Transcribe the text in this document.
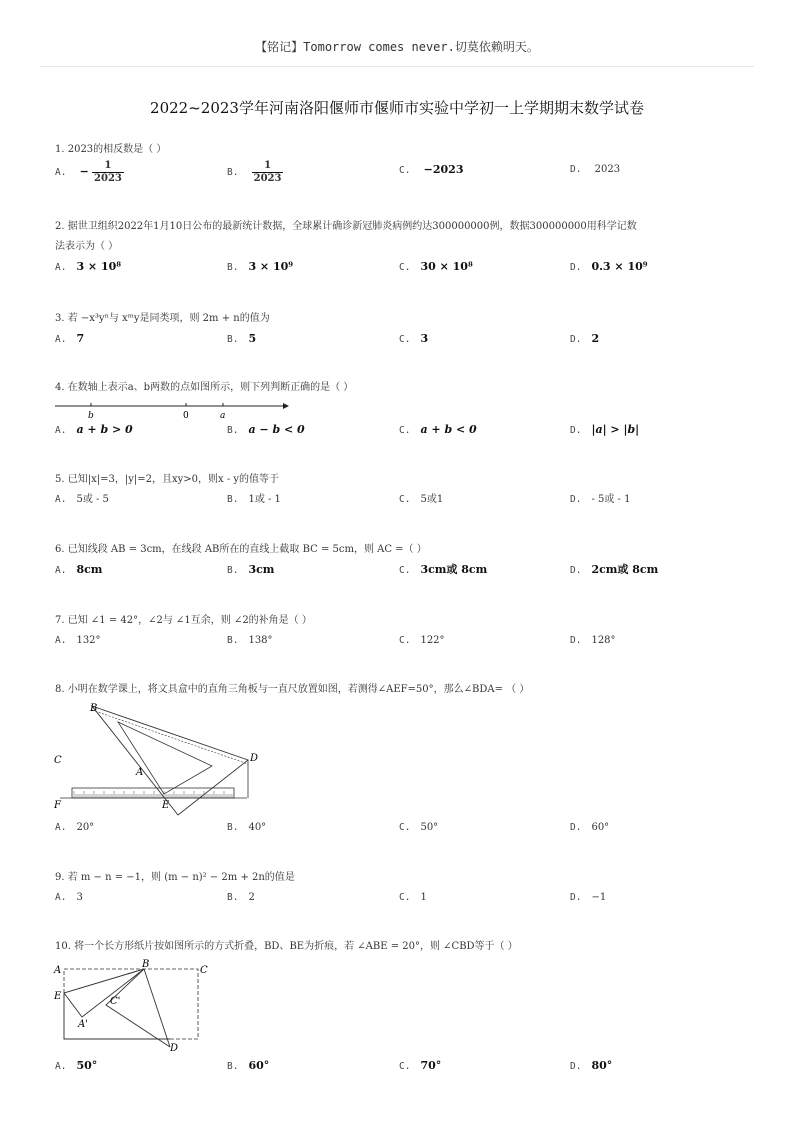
【铭记】Tomorrow comes never.切莫依赖明天。
2022~2023学年河南洛阳偃师市偃师市实验中学初一上学期期末数学试卷
1. 2023的相反数是（ ）
A. − $\frac{1}{2023}$	B. $\frac{1}{2023}$	C. −2023	D. 2023
2. 据世卫组织2022年1月10日公布的最新统计数据，全球累计确诊新冠肺炎病例约达300000000例，数据300000000用科学记数
法表示为（ ）
A. 3 × 10⁸	B. 3 × 10⁹	C. 30 × 10⁸	D. 0.3 × 10⁹
3. 若 −x³yⁿ与 xᵐy是同类项，则 2m + n的值为
A. 7	B. 5	C. 3	D. 2
4. 在数轴上表示a、b两数的点如图所示，则下列判断正确的是（ ）
b	0	a
A. a + b > 0	B. a − b < 0	C. a + b < 0	D. |a| > |b|
5. 已知|x|=3，|y|=2，且xy>0，则x - y的值等于
A. 5或 - 5	B. 1或 - 1	C. 5或1	D. - 5或 - 1
6. 已知线段 AB = 3cm，在线段 AB所在的直线上截取 BC = 5cm，则 AC =（ ）
A. 8cm	B. 3cm	C. 3cm或 8cm	D. 2cm或 8cm
7. 已知 ∠1 = 42°，∠2与 ∠1互余，则 ∠2的补角是（ ）
A. 132°	B. 138°	C. 122°	D. 128°
8. 小明在数学课上，将文具盒中的直角三角板与一直尺放置如图，若测得∠AEF=50°，那么∠BDA= （ ）
B
C	D
A
F	E
A. 20°	B. 40°	C. 50°	D. 60°
9. 若 m − n = −1，则 (m − n)² − 2m + 2n的值是
A. 3	B. 2	C. 1	D. −1
10. 将一个长方形纸片按如图所示的方式折叠，BD、BE为折痕，若 ∠ABE = 20°，则 ∠CBD等于（ ）
A
B
C
E	C'
A'
D
A. 50°	B. 60°	C. 70°	D. 80°
